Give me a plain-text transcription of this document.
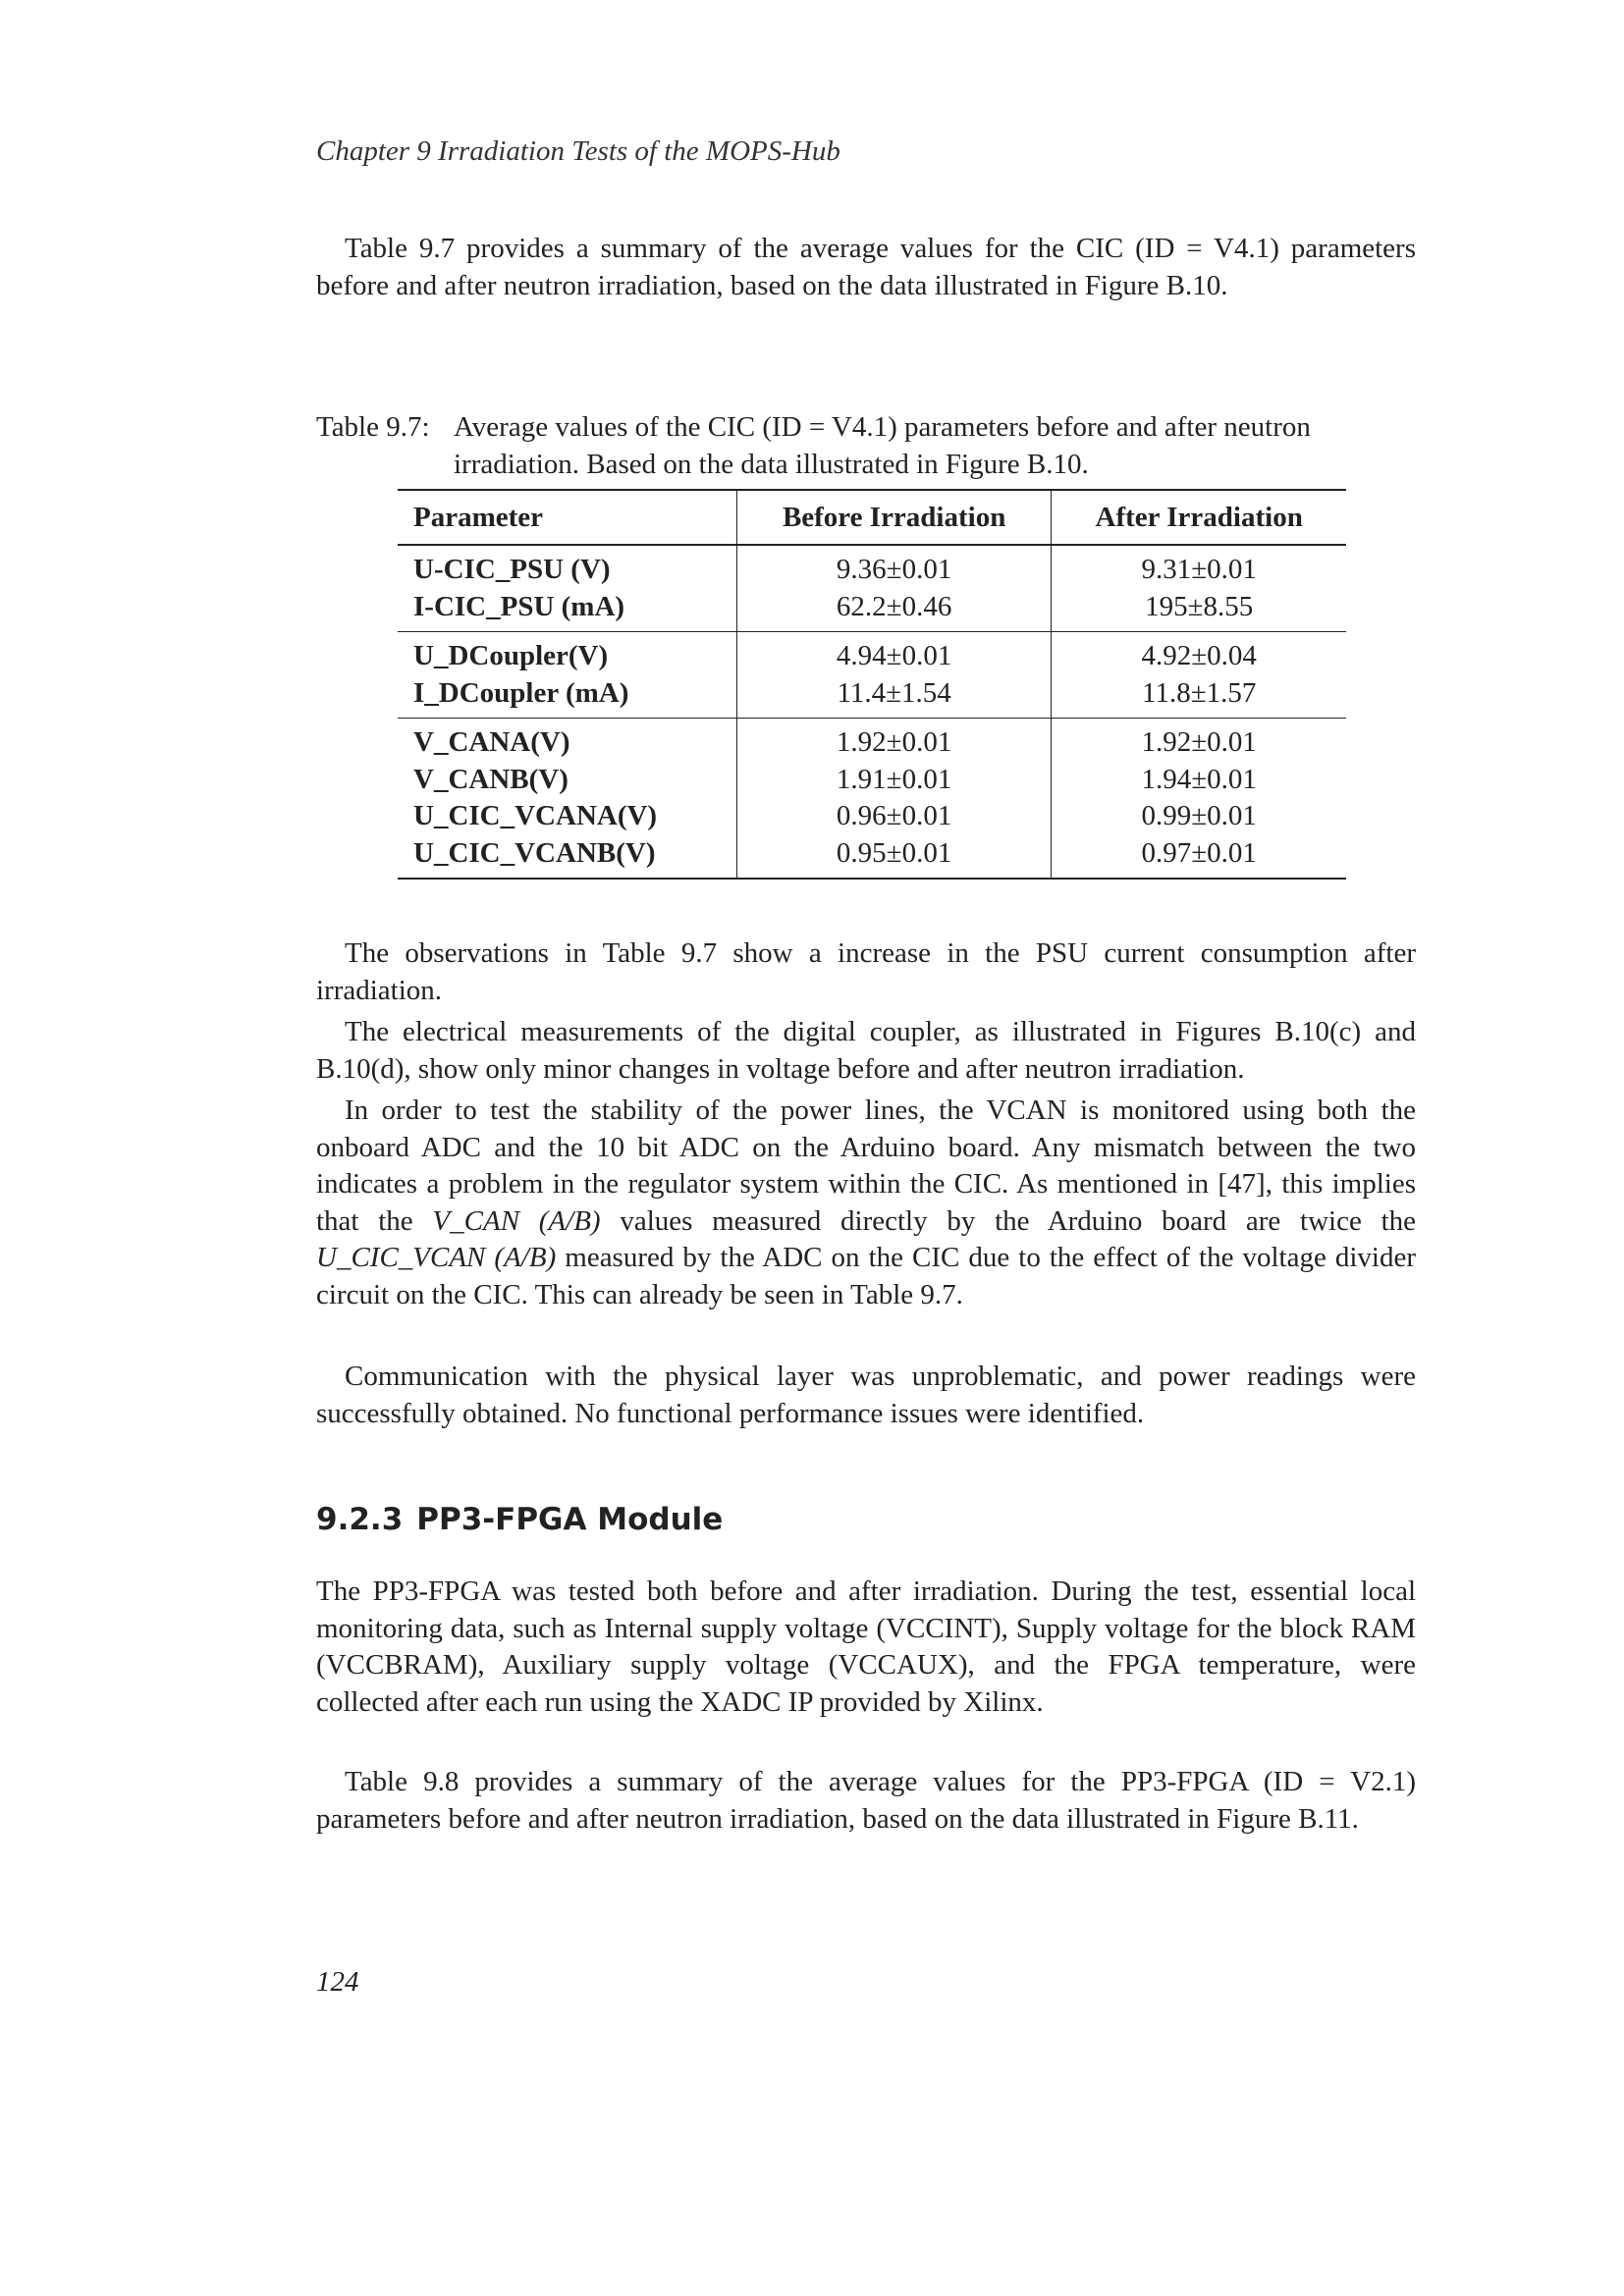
Chapter 9 Irradiation Tests of the MOPS-Hub

Table 9.7 provides a summary of the average values for the CIC (ID = V4.1) parameters before and after neutron irradiation, based on the data illustrated in Figure B.10.

Table 9.7: Average values of the CIC (ID = V4.1) parameters before and after neutron irradiation. Based on the data illustrated in Figure B.10.
Parameter	Before Irradiation	After Irradiation
U-CIC_PSU (V)	9.36±0.01	9.31±0.01
I-CIC_PSU (mA)	62.2±0.46	195±8.55
U_DCoupler(V)	4.94±0.01	4.92±0.04
I_DCoupler (mA)	11.4±1.54	11.8±1.57
V_CANA(V)	1.92±0.01	1.92±0.01
V_CANB(V)	1.91±0.01	1.94±0.01
U_CIC_VCANA(V)	0.96±0.01	0.99±0.01
U_CIC_VCANB(V)	0.95±0.01	0.97±0.01

The observations in Table 9.7 show a increase in the PSU current consumption after irradiation.

The electrical measurements of the digital coupler, as illustrated in Figures B.10(c) and B.10(d), show only minor changes in voltage before and after neutron irradiation.

In order to test the stability of the power lines, the VCAN is monitored using both the onboard ADC and the 10 bit ADC on the Arduino board. Any mismatch between the two indicates a problem in the regulator system within the CIC. As mentioned in [47], this implies that the V_CAN (A/B) values measured directly by the Arduino board are twice the U_CIC_VCAN (A/B) measured by the ADC on the CIC due to the effect of the voltage divider circuit on the CIC. This can already be seen in Table 9.7.

Communication with the physical layer was unproblematic, and power readings were successfully obtained. No functional performance issues were identified.

9.2.3 PP3-FPGA Module

The PP3-FPGA was tested both before and after irradiation. During the test, essential local monitoring data, such as Internal supply voltage (VCCINT), Supply voltage for the block RAM (VCCBRAM), Auxiliary supply voltage (VCCAUX), and the FPGA temperature, were collected after each run using the XADC IP provided by Xilinx.

Table 9.8 provides a summary of the average values for the PP3-FPGA (ID = V2.1) parameters before and after neutron irradiation, based on the data illustrated in Figure B.11.

124
